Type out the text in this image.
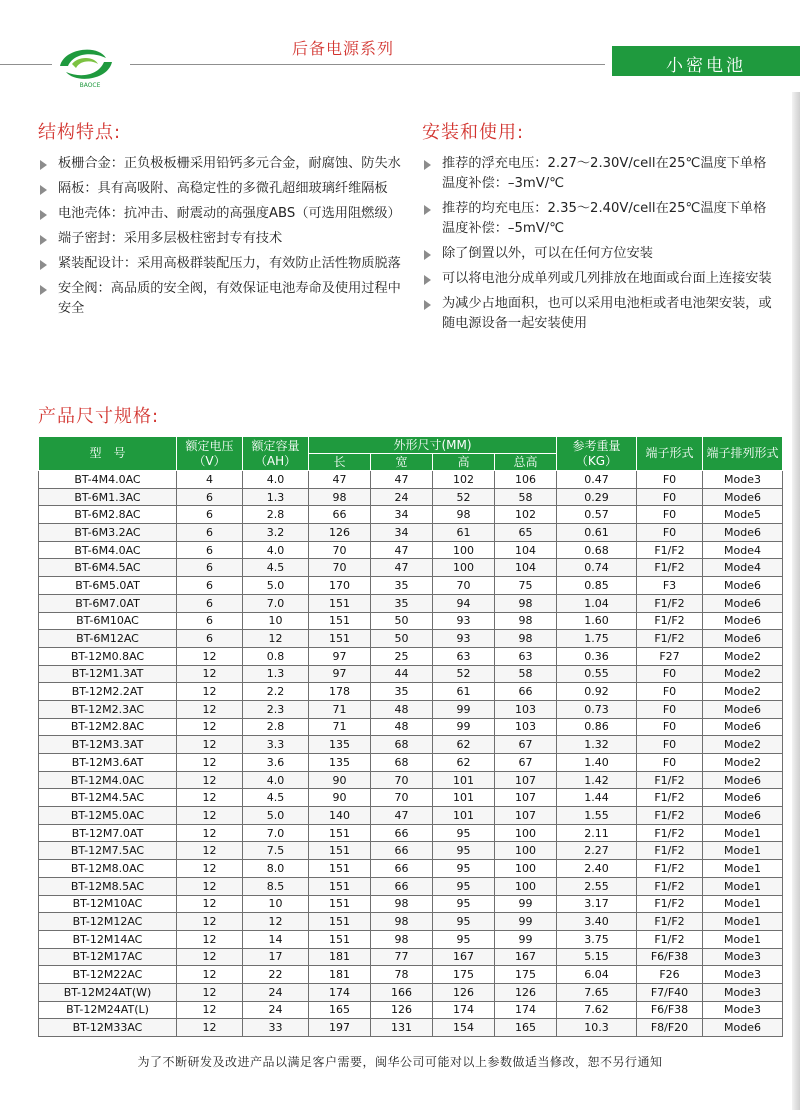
BAOCE
后备电源系列
小密电池
结构特点:
板栅合金：正负极板栅采用铅钙多元合金，耐腐蚀、防失水
隔板：具有高吸附、高稳定性的多微孔超细玻璃纤维隔板
电池壳体：抗冲击、耐震动的高强度ABS（可选用阻燃级）
端子密封：采用多层极柱密封专有技术
紧装配设计：采用高极群装配压力，有效防止活性物质脱落
安全阀：高品质的安全阀，有效保证电池寿命及使用过程中安全
安装和使用:
推荐的浮充电压：2.27～2.30V/cell在25℃温度下单格温度补偿：–3mV/℃
推荐的均充电压：2.35～2.40V/cell在25℃温度下单格温度补偿：–5mV/℃
除了倒置以外，可以在任何方位安装
可以将电池分成单列或几列排放在地面或台面上连接安装
为减少占地面积，也可以采用电池柜或者电池架安装，或随电源设备一起安装使用
产品尺寸规格:
型　号	额定电压（V）	额定容量（AH）	外形尺寸(MM)				参考重量（KG）	端子形式	端子排列形式
			长	宽	高	总高			
BT-4M4.0AC	4	4.0	47	47	102	106	0.47	F0	Mode3
BT-6M1.3AC	6	1.3	98	24	52	58	0.29	F0	Mode6
BT-6M2.8AC	6	2.8	66	34	98	102	0.57	F0	Mode5
BT-6M3.2AC	6	3.2	126	34	61	65	0.61	F0	Mode6
BT-6M4.0AC	6	4.0	70	47	100	104	0.68	F1/F2	Mode4
BT-6M4.5AC	6	4.5	70	47	100	104	0.74	F1/F2	Mode4
BT-6M5.0AT	6	5.0	170	35	70	75	0.85	F3	Mode6
BT-6M7.0AT	6	7.0	151	35	94	98	1.04	F1/F2	Mode6
BT-6M10AC	6	10	151	50	93	98	1.60	F1/F2	Mode6
BT-6M12AC	6	12	151	50	93	98	1.75	F1/F2	Mode6
BT-12M0.8AC	12	0.8	97	25	63	63	0.36	F27	Mode2
BT-12M1.3AT	12	1.3	97	44	52	58	0.55	F0	Mode2
BT-12M2.2AT	12	2.2	178	35	61	66	0.92	F0	Mode2
BT-12M2.3AC	12	2.3	71	48	99	103	0.73	F0	Mode6
BT-12M2.8AC	12	2.8	71	48	99	103	0.86	F0	Mode6
BT-12M3.3AT	12	3.3	135	68	62	67	1.32	F0	Mode2
BT-12M3.6AT	12	3.6	135	68	62	67	1.40	F0	Mode2
BT-12M4.0AC	12	4.0	90	70	101	107	1.42	F1/F2	Mode6
BT-12M4.5AC	12	4.5	90	70	101	107	1.44	F1/F2	Mode6
BT-12M5.0AC	12	5.0	140	47	101	107	1.55	F1/F2	Mode6
BT-12M7.0AT	12	7.0	151	66	95	100	2.11	F1/F2	Mode1
BT-12M7.5AC	12	7.5	151	66	95	100	2.27	F1/F2	Mode1
BT-12M8.0AC	12	8.0	151	66	95	100	2.40	F1/F2	Mode1
BT-12M8.5AC	12	8.5	151	66	95	100	2.55	F1/F2	Mode1
BT-12M10AC	12	10	151	98	95	99	3.17	F1/F2	Mode1
BT-12M12AC	12	12	151	98	95	99	3.40	F1/F2	Mode1
BT-12M14AC	12	14	151	98	95	99	3.75	F1/F2	Mode1
BT-12M17AC	12	17	181	77	167	167	5.15	F6/F38	Mode3
BT-12M22AC	12	22	181	78	175	175	6.04	F26	Mode3
BT-12M24AT(W)	12	24	174	166	126	126	7.65	F7/F40	Mode3
BT-12M24AT(L)	12	24	165	126	174	174	7.62	F6/F38	Mode3
BT-12M33AC	12	33	197	131	154	165	10.3	F8/F20	Mode6
为了不断研发及改进产品以满足客户需要，闽华公司可能对以上参数做适当修改，恕不另行通知
